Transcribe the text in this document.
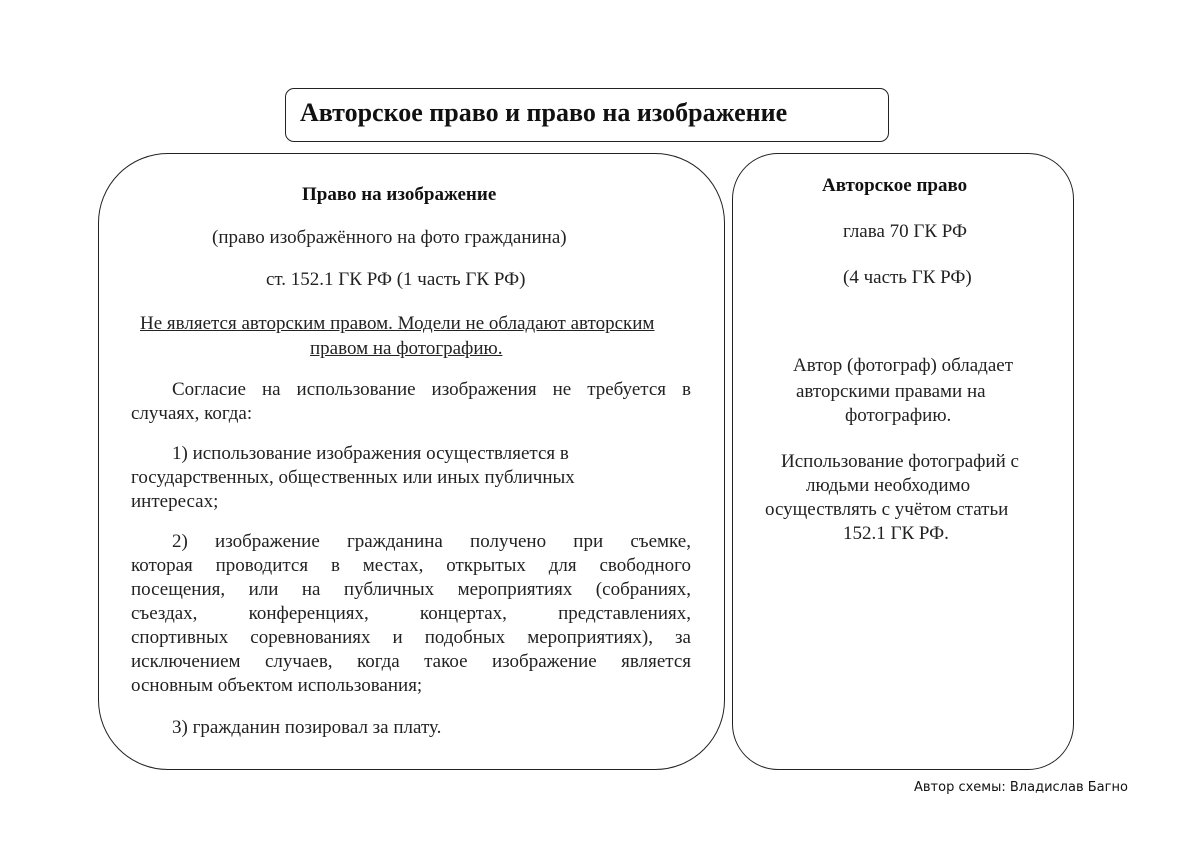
Авторское право и право на изображение
Право на изображение
(право изображённого на фото гражданина)
ст. 152.1 ГК РФ (1 часть ГК РФ)
Не является авторским правом. Модели не обладают авторским
правом на фотографию.
Согласие на использование изображения не требуется в
случаях, когда:
1) использование изображения осуществляется в
государственных, общественных или иных публичных
интересах;
2) изображение гражданина получено при съемке,
которая проводится в местах, открытых для свободного
посещения, или на публичных мероприятиях (собраниях,
съездах, конференциях, концертах, представлениях,
спортивных соревнованиях и подобных мероприятиях), за
исключением случаев, когда такое изображение является
основным объектом использования;
3) гражданин позировал за плату.
Авторское право
глава 70 ГК РФ
(4 часть ГК РФ)
Автор (фотограф) обладает
авторскими правами на
фотографию.
Использование фотографий с
людьми необходимо
осуществлять с учётом статьи
152.1 ГК РФ.
Автор схемы: Владислав Багно
